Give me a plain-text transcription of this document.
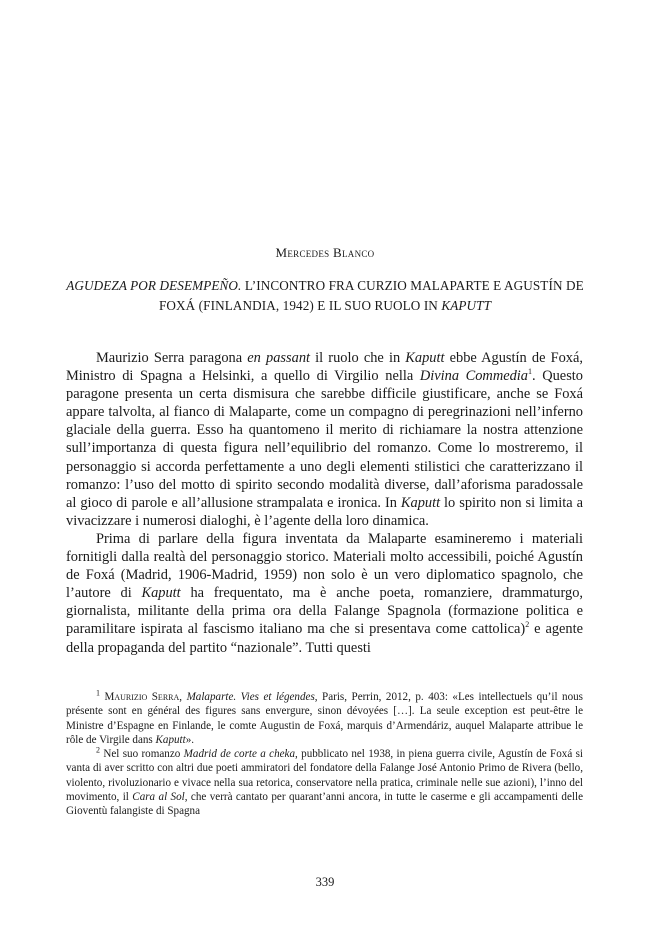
Mercedes Blanco
AGUDEZA POR DESEMPEÑO. L’INCONTRO FRA CURZIO MALAPARTE E AGUSTÍN DE FOXÁ (FINLANDIA, 1942) E IL SUO RUOLO IN KAPUTT

Maurizio Serra paragona en passant il ruolo che in Kaputt ebbe Agustín de Foxá, Ministro di Spagna a Helsinki, a quello di Virgilio nella Divina Commedia$^1$. Questo paragone presenta un certa dismisura che sarebbe difficile giustificare, anche se Foxá appare talvolta, al fianco di Malaparte, come un compagno di peregrinazioni nell’inferno glaciale della guerra. Esso ha quantomeno il merito di richiamare la nostra attenzione sull’importanza di questa figura nell’equilibrio del romanzo. Come lo mostreremo, il personaggio si accorda perfettamente a uno degli elementi stilistici che caratterizzano il romanzo: l’uso del motto di spirito secondo modalità diverse, dall’aforisma paradossale al gioco di parole e all’allusione strampalata e ironica. In Kaputt lo spirito non si limita a vivacizzare i numerosi dialoghi, è l’agente della loro dinamica.

Prima di parlare della figura inventata da Malaparte esamineremo i materiali fornitigli dalla realtà del personaggio storico. Materiali molto accessibili, poiché Agustín de Foxá (Madrid, 1906-Madrid, 1959) non solo è un vero diplomatico spagnolo, che l’autore di Kaputt ha frequentato, ma è anche poeta, romanziere, drammaturgo, giornalista, militante della prima ora della Falange Spagnola (formazione politica e paramilitare ispirata al fascismo italiano ma che si presentava come cattolica)$^2$ e agente della propaganda del partito “nazionale”. Tutti questi

$^1$ Maurizio Serra, Malaparte. Vies et légendes, Paris, Perrin, 2012, p. 403: «Les intellectuels qu’il nous présente sont en général des figures sans envergure, sinon dévoyées […]. La seule exception est peut-être le Ministre d’Espagne en Finlande, le comte Augustin de Foxá, marquis d’Armendáriz, auquel Malaparte attribue le rôle de Virgile dans Kaputt».

$^2$ Nel suo romanzo Madrid de corte a cheka, pubblicato nel 1938, in piena guerra civile, Agustín de Foxá si vanta di aver scritto con altri due poeti ammiratori del fondatore della Falange José Antonio Primo de Rivera (bello, violento, rivoluzionario e vivace nella sua retorica, conservatore nella pratica, criminale nelle sue azioni), l’inno del movimento, il Cara al Sol, che verrà cantato per quarant’anni ancora, in tutte le caserme e gli accampamenti delle Gioventù falangiste di Spagna

339
